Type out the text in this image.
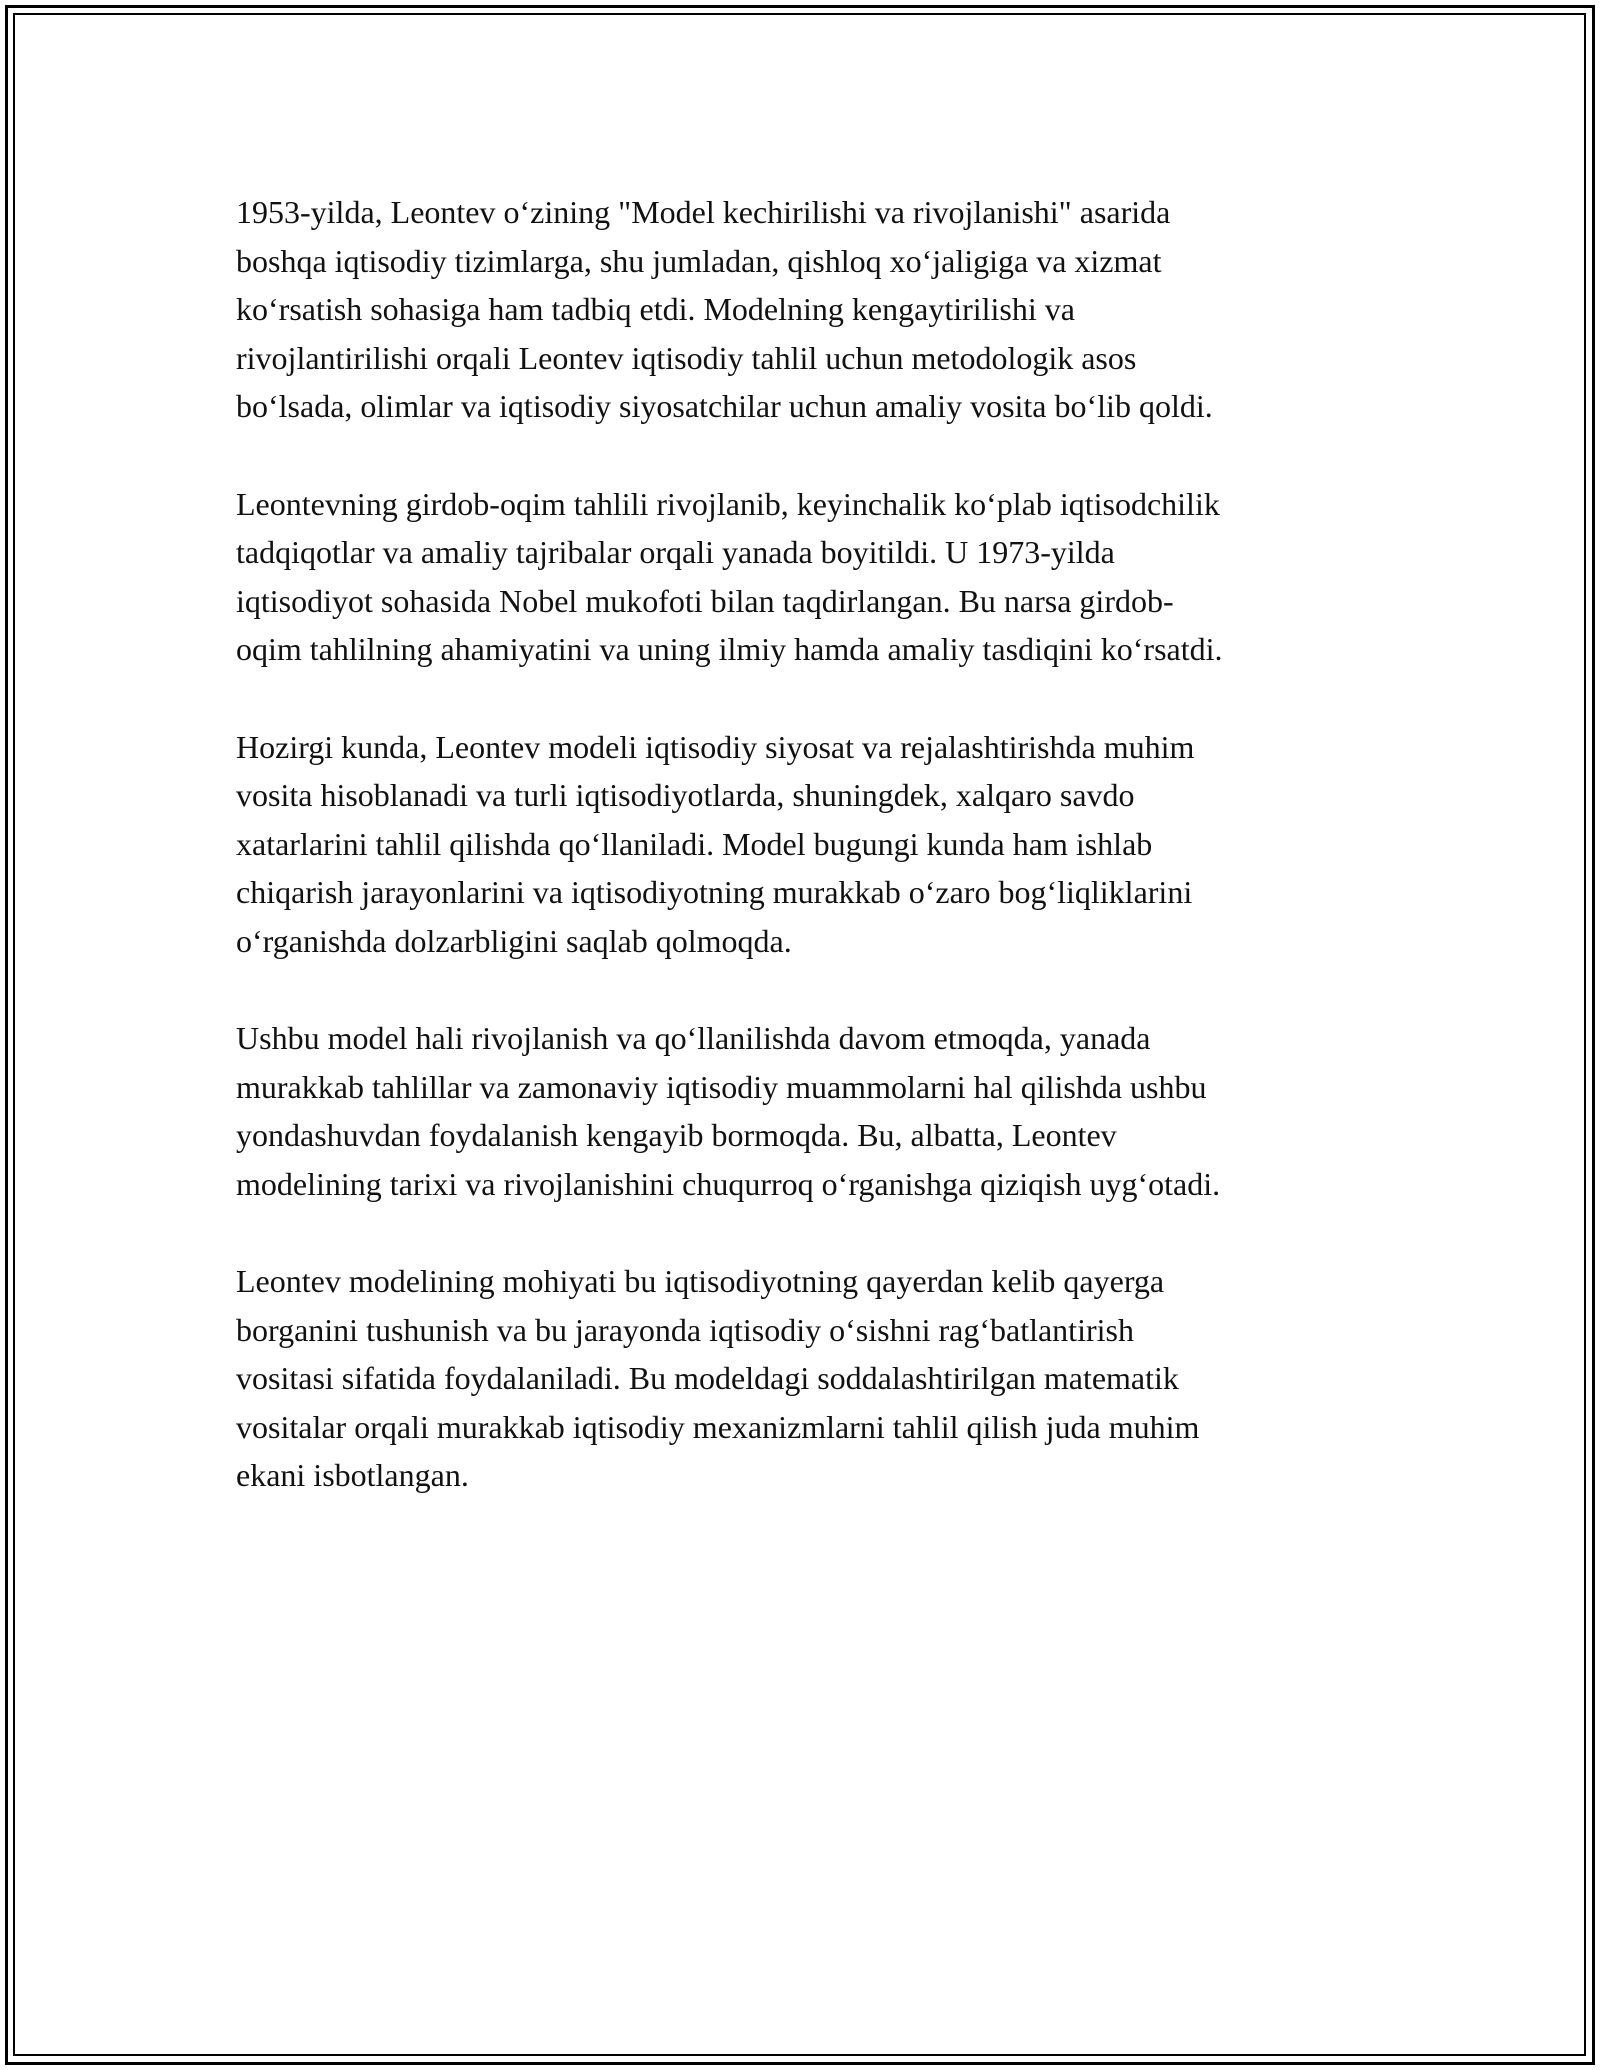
1953-yilda, Leontev o‘zining "Model kechirilishi va rivojlanishi" asarida
boshqa iqtisodiy tizimlarga, shu jumladan, qishloq xo‘jaligiga va xizmat
ko‘rsatish sohasiga ham tadbiq etdi. Modelning kengaytirilishi va
rivojlantirilishi orqali Leontev iqtisodiy tahlil uchun metodologik asos
bo‘lsada, olimlar va iqtisodiy siyosatchilar uchun amaliy vosita bo‘lib qoldi.

Leontevning girdob-oqim tahlili rivojlanib, keyinchalik ko‘plab iqtisodchilik
tadqiqotlar va amaliy tajribalar orqali yanada boyitildi. U 1973-yilda
iqtisodiyot sohasida Nobel mukofoti bilan taqdirlangan. Bu narsa girdob-
oqim tahlilning ahamiyatini va uning ilmiy hamda amaliy tasdiqini ko‘rsatdi.

Hozirgi kunda, Leontev modeli iqtisodiy siyosat va rejalashtirishda muhim
vosita hisoblanadi va turli iqtisodiyotlarda, shuningdek, xalqaro savdo
xatarlarini tahlil qilishda qo‘llaniladi. Model bugungi kunda ham ishlab
chiqarish jarayonlarini va iqtisodiyotning murakkab o‘zaro bog‘liqliklarini
o‘rganishda dolzarbligini saqlab qolmoqda.

Ushbu model hali rivojlanish va qo‘llanilishda davom etmoqda, yanada
murakkab tahlillar va zamonaviy iqtisodiy muammolarni hal qilishda ushbu
yondashuvdan foydalanish kengayib bormoqda. Bu, albatta, Leontev
modelining tarixi va rivojlanishini chuqurroq o‘rganishga qiziqish uyg‘otadi.

Leontev modelining mohiyati bu iqtisodiyotning qayerdan kelib qayerga
borganini tushunish va bu jarayonda iqtisodiy o‘sishni rag‘batlantirish
vositasi sifatida foydalaniladi. Bu modeldagi soddalashtirilgan matematik
vositalar orqali murakkab iqtisodiy mexanizmlarni tahlil qilish juda muhim
ekani isbotlangan.
